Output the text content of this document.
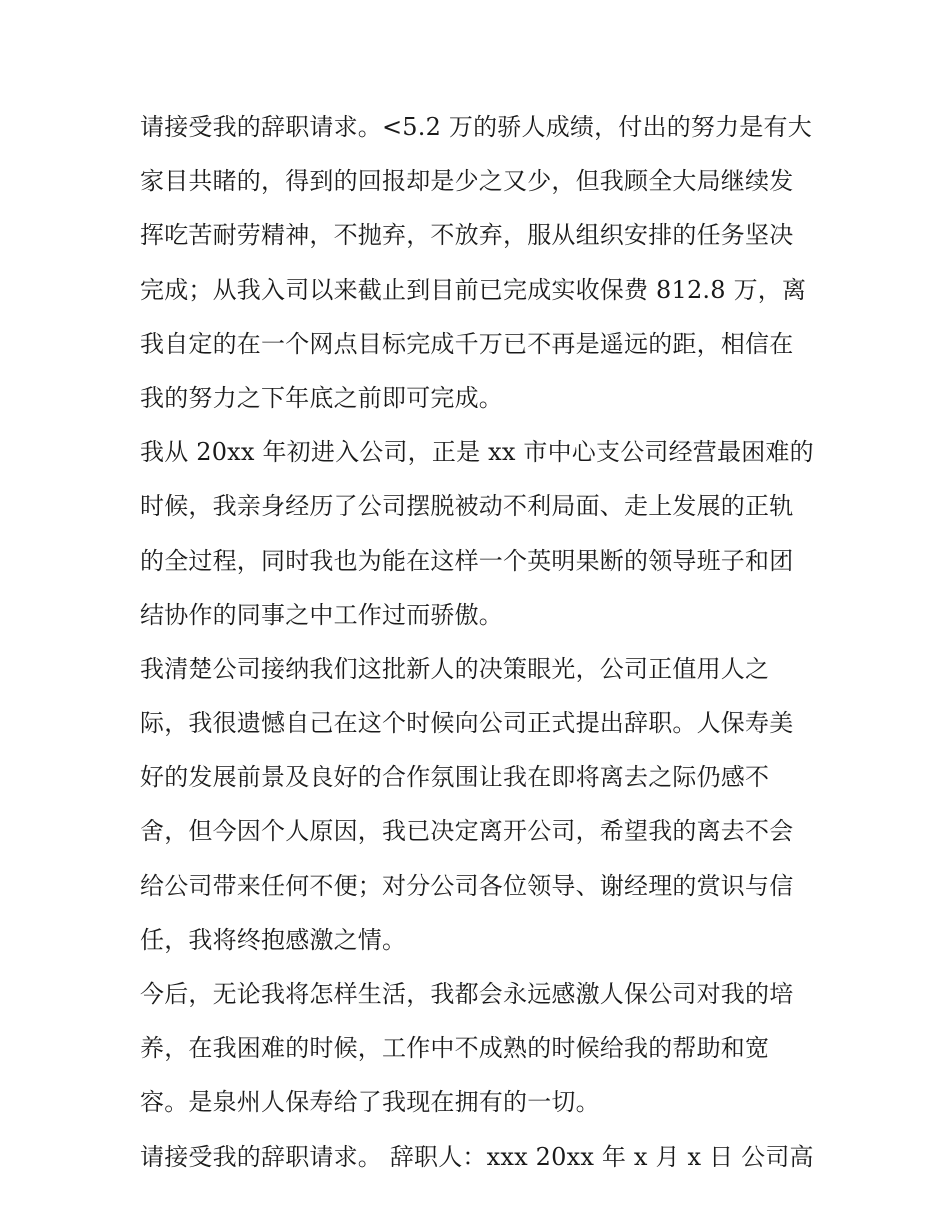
请接受我的辞职请求。<5.2 万的骄人成绩，付出的努力是有大
家目共睹的，得到的回报却是少之又少，但我顾全大局继续发
挥吃苦耐劳精神，不抛弃，不放弃，服从组织安排的任务坚决
完成；从我入司以来截止到目前已完成实收保费 812.8 万，离
我自定的在一个网点目标完成千万已不再是遥远的距，相信在
我的努力之下年底之前即可完成。
我从 20xx 年初进入公司，正是 xx 市中心支公司经营最困难的
时候，我亲身经历了公司摆脱被动不利局面、走上发展的正轨
的全过程，同时我也为能在这样一个英明果断的领导班子和团
结协作的同事之中工作过而骄傲。
我清楚公司接纳我们这批新人的决策眼光，公司正值用人之
际，我很遗憾自己在这个时候向公司正式提出辞职。人保寿美
好的发展前景及良好的合作氛围让我在即将离去之际仍感不
舍，但今因个人原因，我已决定离开公司，希望我的离去不会
给公司带来任何不便；对分公司各位领导、谢经理的赏识与信
任，我将终抱感激之情。
今后，无论我将怎样生活，我都会永远感激人保公司对我的培
养，在我困难的时候，工作中不成熟的时候给我的帮助和宽
容。是泉州人保寿给了我现在拥有的一切。
请接受我的辞职请求。 辞职人：xxx 20xx 年 x 月 x 日 公司高
